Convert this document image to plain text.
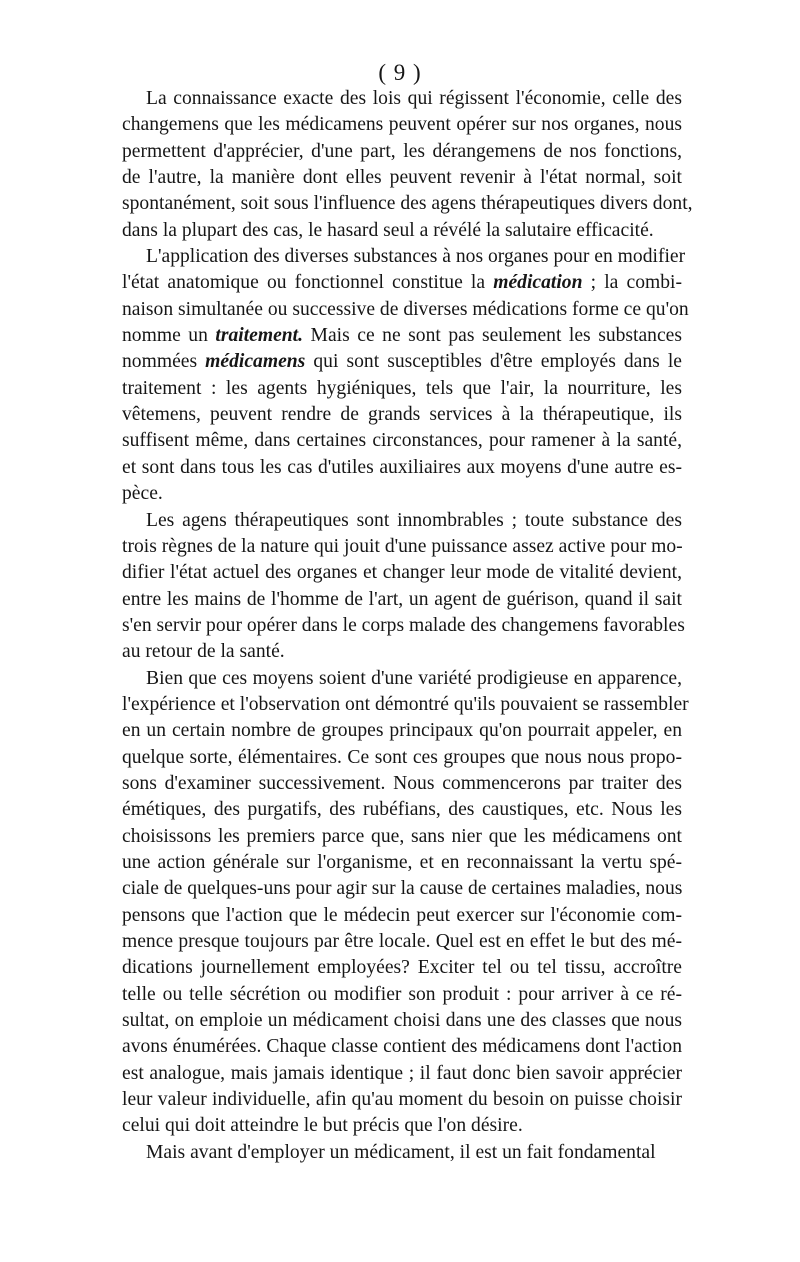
( 9 )
La connaissance exacte des lois qui régissent l'économie, celle des
changemens que les médicamens peuvent opérer sur nos organes, nous
permettent d'apprécier, d'une part, les dérangemens de nos fonctions,
de l'autre, la manière dont elles peuvent revenir à l'état normal, soit
spontanément, soit sous l'influence des agens thérapeutiques divers dont,
dans la plupart des cas, le hasard seul a révélé la salutaire efficacité.
L'application des diverses substances à nos organes pour en modifier
l'état anatomique ou fonctionnel constitue la médication ; la combi-
naison simultanée ou successive de diverses médications forme ce qu'on
nomme un traitement. Mais ce ne sont pas seulement les substances
nommées médicamens qui sont susceptibles d'être employés dans le
traitement : les agents hygiéniques, tels que l'air, la nourriture, les
vêtemens, peuvent rendre de grands services à la thérapeutique, ils
suffisent même, dans certaines circonstances, pour ramener à la santé,
et sont dans tous les cas d'utiles auxiliaires aux moyens d'une autre es-
pèce.
Les agens thérapeutiques sont innombrables ; toute substance des
trois règnes de la nature qui jouit d'une puissance assez active pour mo-
difier l'état actuel des organes et changer leur mode de vitalité devient,
entre les mains de l'homme de l'art, un agent de guérison, quand il sait
s'en servir pour opérer dans le corps malade des changemens favorables
au retour de la santé.
Bien que ces moyens soient d'une variété prodigieuse en apparence,
l'expérience et l'observation ont démontré qu'ils pouvaient se rassembler
en un certain nombre de groupes principaux qu'on pourrait appeler, en
quelque sorte, élémentaires. Ce sont ces groupes que nous nous propo-
sons d'examiner successivement. Nous commencerons par traiter des
émétiques, des purgatifs, des rubéfians, des caustiques, etc. Nous les
choisissons les premiers parce que, sans nier que les médicamens ont
une action générale sur l'organisme, et en reconnaissant la vertu spé-
ciale de quelques-uns pour agir sur la cause de certaines maladies, nous
pensons que l'action que le médecin peut exercer sur l'économie com-
mence presque toujours par être locale. Quel est en effet le but des mé-
dications journellement employées? Exciter tel ou tel tissu, accroître
telle ou telle sécrétion ou modifier son produit : pour arriver à ce ré-
sultat, on emploie un médicament choisi dans une des classes que nous
avons énumérées. Chaque classe contient des médicamens dont l'action
est analogue, mais jamais identique ; il faut donc bien savoir apprécier
leur valeur individuelle, afin qu'au moment du besoin on puisse choisir
celui qui doit atteindre le but précis que l'on désire.
Mais avant d'employer un médicament, il est un fait fondamental
